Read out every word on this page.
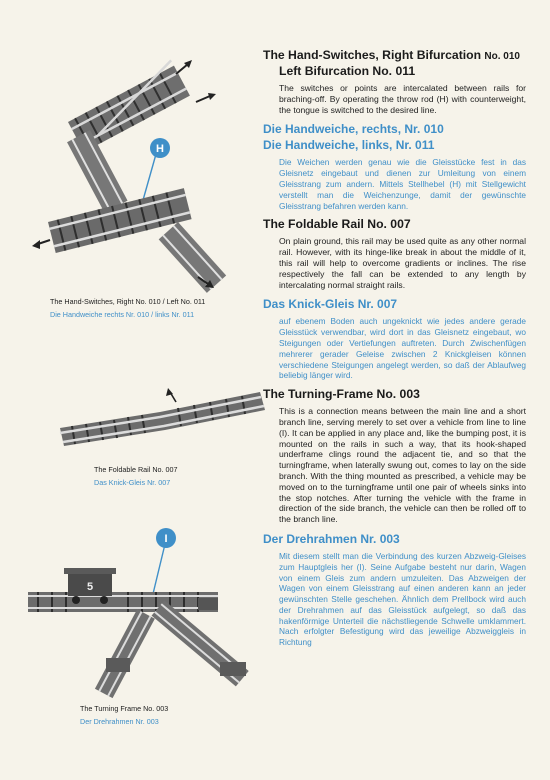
H

The Hand-Switches, Right No. 010 / Left No. 011

Die Handweiche rechts Nr. 010 / links Nr. 011

The Foldable Rail No. 007

Das Knick-Gleis Nr. 007

I
5

The Turning Frame No. 003

Der Drehrahmen Nr. 003

The Hand-Switches, Right Bifurcation No. 010
Left Bifurcation No. 011

The switches or points are intercalated between rails for braching-off. By operating the throw rod (H) with counterweight, the tongue is switched to the desired line.

Die Handweiche, rechts, Nr. 010
Die Handweiche, links, Nr. 011

Die Weichen werden genau wie die Gleisstücke fest in das Gleisnetz eingebaut und dienen zur Umleitung von einem Gleisstrang zum andern. Mittels Stellhebel (H) mit Stellgewicht verstellt man die Weichenzunge, damit der gewünschte Gleisstrang befahren werden kann.

The Foldable Rail No. 007

On plain ground, this rail may be used quite as any other normal rail. However, with its hinge-like break in about the middle of it, this rail will help to overcome gradients or inclines. The rise respectively the fall can be extended to any length by intercalating normal straight rails.

Das Knick-Gleis Nr. 007

auf ebenem Boden auch ungeknickt wie jedes andere gerade Gleisstück verwendbar, wird dort in das Gleisnetz eingebaut, wo Steigungen oder Vertiefungen auftreten. Durch Zwischenfügen mehrerer gerader Geleise zwischen 2 Knickgleisen können verschiedene Steigungen angelegt werden, so daß der Ablaufweg beliebig länger wird.

The Turning-Frame No. 003

This is a connection means between the main line and a short branch line, serving merely to set over a vehicle from line to line (I). It can be applied in any place and, like the bumping post, it is mounted on the rails in such a way, that its hook-shaped underframe clings round the adjacent tie, and so that the turningframe, when laterally swung out, comes to lay on the side branch. With the thing mounted as prescribed, a vehicle may be moved on to the turningframe until one pair of wheels sinks into the stop notches. After turning the vehicle with the frame in direction of the side branch, the vehicle can then be rolled off to the branch line.

Der Drehrahmen Nr. 003

Mit diesem stellt man die Verbindung des kurzen Abzweig-Gleises zum Hauptgleis her (I). Seine Aufgabe besteht nur darin, Wagen von einem Gleis zum andern umzuleiten. Das Abzweigen der Wagen von einem Gleisstrang auf einen anderen kann an jeder gewünschten Stelle geschehen. Ähnlich dem Prellbock wird auch der Drehrahmen auf das Gleisstück aufgelegt, so daß das hakenförmige Unterteil die nächstliegende Schwelle umklammert. Nach erfolgter Befestigung wird das jeweilige Abzweiggleis in Richtung
